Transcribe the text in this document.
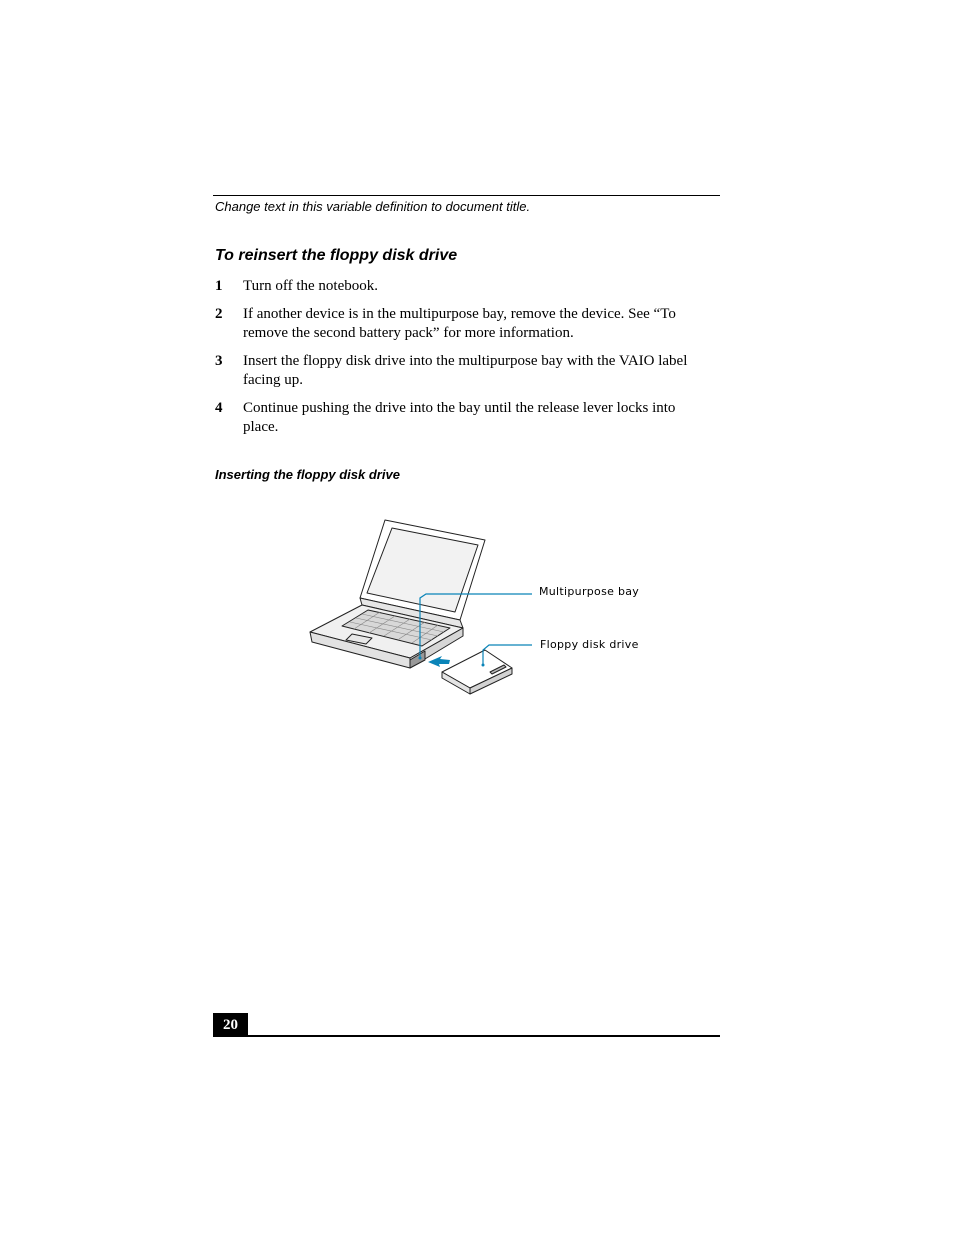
Change text in this variable definition to document title.
To reinsert the floppy disk drive
1 Turn off the notebook.
2 If another device is in the multipurpose bay, remove the device. See “To remove the second battery pack” for more information.
3 Insert the floppy disk drive into the multipurpose bay with the VAIO label facing up.
4 Continue pushing the drive into the bay until the release lever locks into place.
Inserting the floppy disk drive
Multipurpose bay
Floppy disk drive
20
